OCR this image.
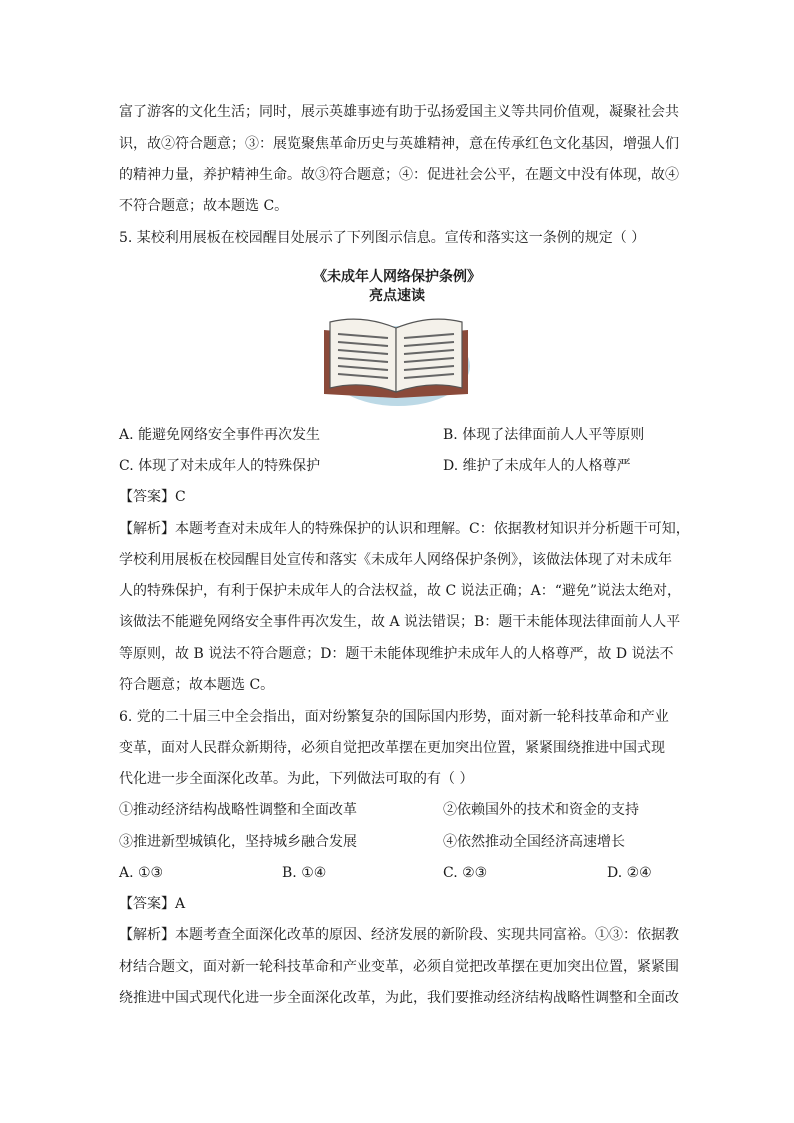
富了游客的文化生活；同时，展示英雄事迹有助于弘扬爱国主义等共同价值观，凝聚社会共
识，故②符合题意；③：展览聚焦革命历史与英雄精神，意在传承红色文化基因，增强人们
的精神力量，养护精神生命。故③符合题意；④：促进社会公平，在题文中没有体现，故④
不符合题意；故本题选 C。
5. 某校利用展板在校园醒目处展示了下列图示信息。宣传和落实这一条例的规定（ ）
《未成年人网络保护条例》
亮点速读
A. 能避免网络安全事件再次发生	B. 体现了法律面前人人平等原则
C. 体现了对未成年人的特殊保护	D. 维护了未成年人的人格尊严
【答案】C
【解析】本题考查对未成年人的特殊保护的认识和理解。C：依据教材知识并分析题干可知，
学校利用展板在校园醒目处宣传和落实《未成年人网络保护条例》，该做法体现了对未成年
人的特殊保护，有利于保护未成年人的合法权益，故 C 说法正确；A：“避免”说法太绝对，
该做法不能避免网络安全事件再次发生，故 A 说法错误；B：题干未能体现法律面前人人平
等原则，故 B 说法不符合题意；D：题干未能体现维护未成年人的人格尊严，故 D 说法不
符合题意；故本题选 C。
6. 党的二十届三中全会指出，面对纷繁复杂的国际国内形势，面对新一轮科技革命和产业
变革，面对人民群众新期待，必须自觉把改革摆在更加突出位置，紧紧围绕推进中国式现
代化进一步全面深化改革。为此，下列做法可取的有（ ）
①推动经济结构战略性调整和全面改革	②依赖国外的技术和资金的支持
③推进新型城镇化，坚持城乡融合发展	④依然推动全国经济高速增长
A. ①③	B. ①④	C. ②③	D. ②④
【答案】A
【解析】本题考查全面深化改革的原因、经济发展的新阶段、实现共同富裕。①③：依据教
材结合题文，面对新一轮科技革命和产业变革，必须自觉把改革摆在更加突出位置，紧紧围
绕推进中国式现代化进一步全面深化改革，为此，我们要推动经济结构战略性调整和全面改
